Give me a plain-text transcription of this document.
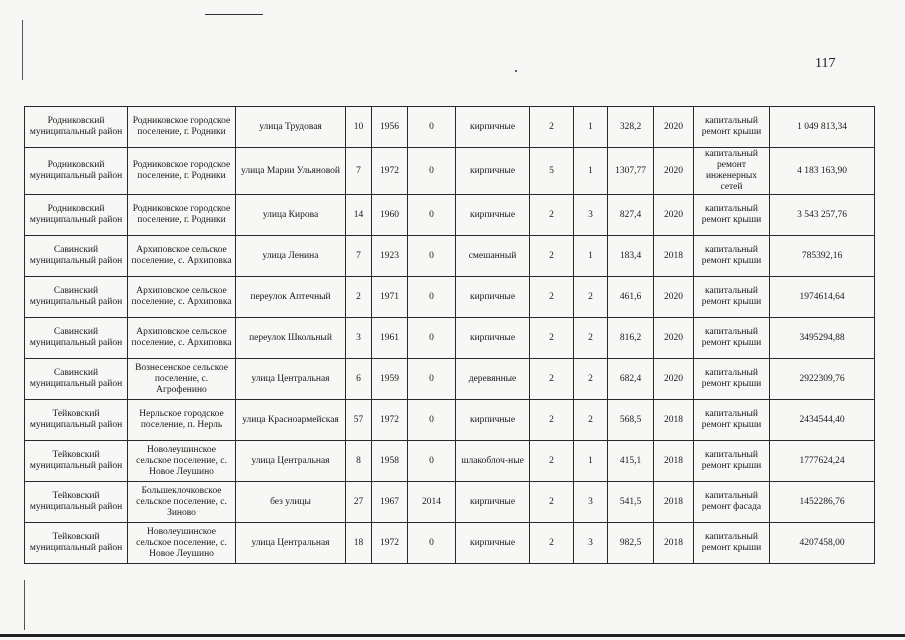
117
Родниковский муниципальный район	Родниковское городское поселение, г. Родники	улица Трудовая	10	1956	0	кирпичные	2	1	328,2	2020	капитальный ремонт крыши	1 049 813,34
Родниковский муниципальный район	Родниковское городское поселение, г. Родники	улица Марии Ульяновой	7	1972	0	кирпичные	5	1	1307,77	2020	капитальный ремонт инженерных сетей	4 183 163,90
Родниковский муниципальный район	Родниковское городское поселение, г. Родники	улица Кирова	14	1960	0	кирпичные	2	3	827,4	2020	капитальный ремонт крыши	3 543 257,76
Савинский муниципальный район	Архиповское сельское поселение, с. Архиповка	улица Ленина	7	1923	0	смешанный	2	1	183,4	2018	капитальный ремонт крыши	785392,16
Савинский муниципальный район	Архиповское сельское поселение, с. Архиповка	переулок Аптечный	2	1971	0	кирпичные	2	2	461,6	2020	капитальный ремонт крыши	1974614,64
Савинский муниципальный район	Архиповское сельское поселение, с. Архиповка	переулок Школьный	3	1961	0	кирпичные	2	2	816,2	2020	капитальный ремонт крыши	3495294,88
Савинский муниципальный район	Вознесенское сельское поселение, с. Агрофенино	улица Центральная	6	1959	0	деревянные	2	2	682,4	2020	капитальный ремонт крыши	2922309,76
Тейковский муниципальный район	Нерльское городское поселение, п. Нерль	улица Красноармейская	57	1972	0	кирпичные	2	2	568,5	2018	капитальный ремонт крыши	2434544,40
Тейковский муниципальный район	Новолеушинское сельское поселение, с. Новое Леушино	улица Центральная	8	1958	0	шлакоблоч-ные	2	1	415,1	2018	капитальный ремонт крыши	1777624,24
Тейковский муниципальный район	Большеклочковское сельское поселение, с. Зиново	без улицы	27	1967	2014	кирпичные	2	3	541,5	2018	капитальный ремонт фасада	1452286,76
Тейковский муниципальный район	Новолеушинское сельское поселение, с. Новое Леушино	улица Центральная	18	1972	0	кирпичные	2	3	982,5	2018	капитальный ремонт крыши	4207458,00
